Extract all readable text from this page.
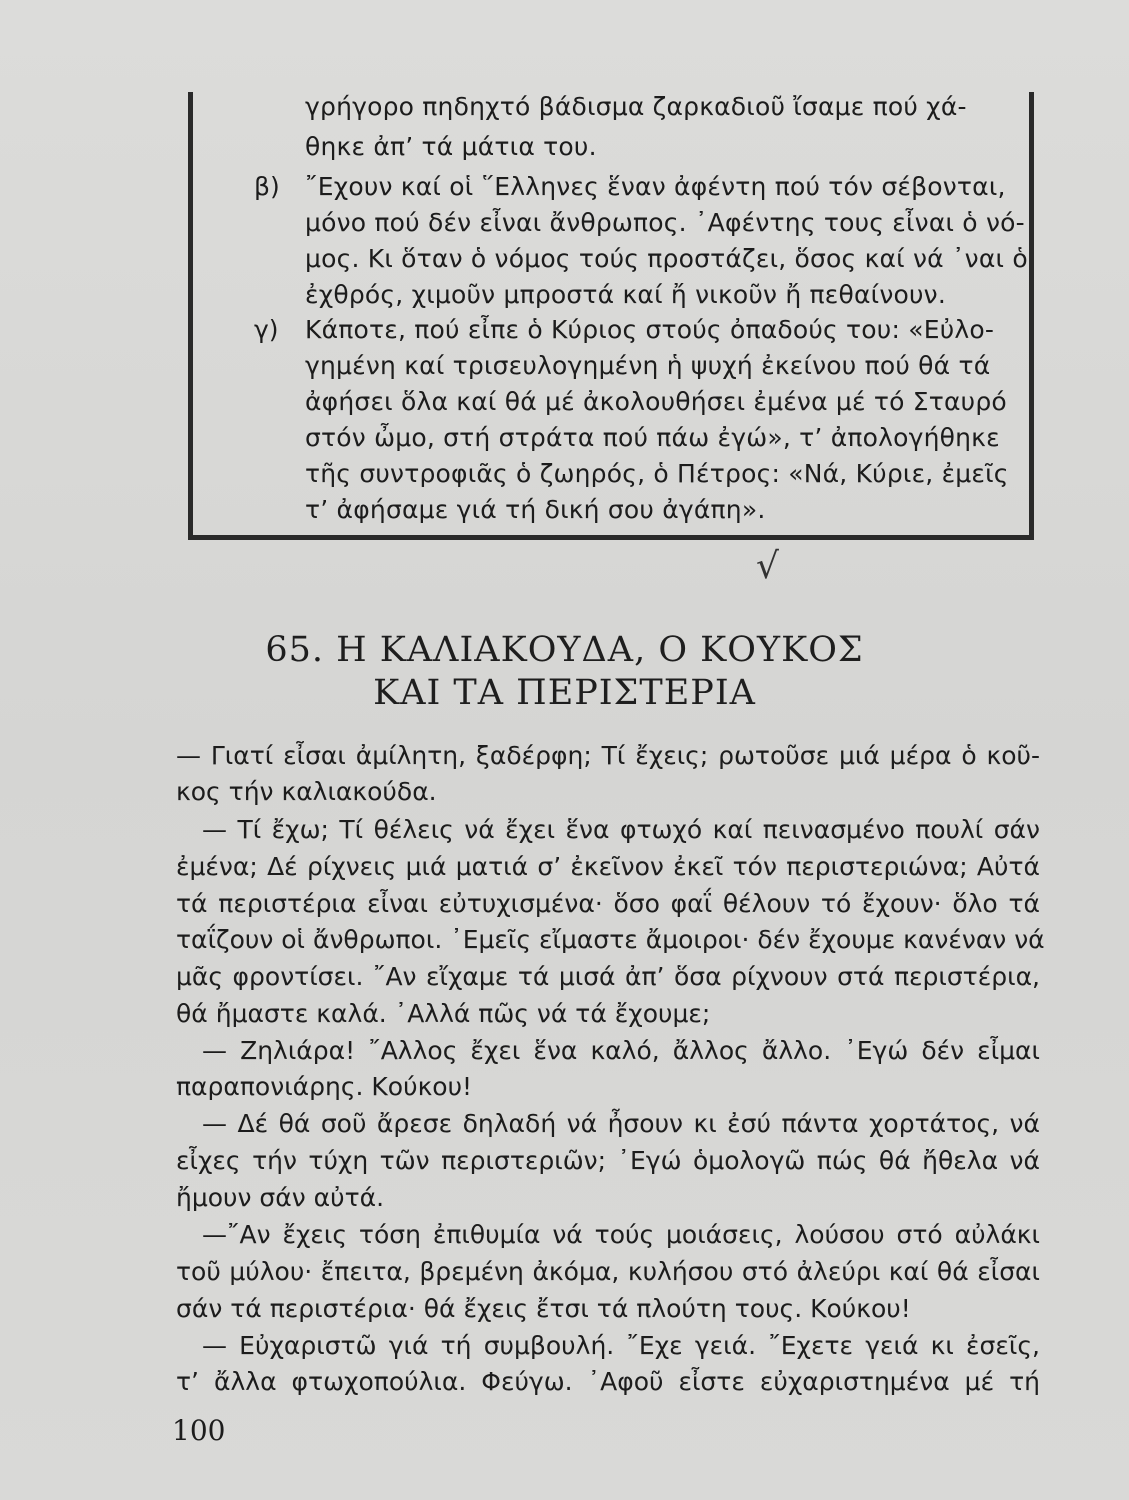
β)
γ)
γρήγορο πηδηχτό βάδισμα ζαρκαδιοῦ ἴσαμε πού χά-
θηκε ἀπ’ τά μάτια του.
῎Εχουν καί οἱ ῞Ελληνες ἕναν ἀφέντη πού τόν σέβονται,
μόνο πού δέν εἶναι ἄνθρωπος. ᾿Αφέντης τους εἶναι ὁ νό-
μος. Κι ὅταν ὁ νόμος τούς προστάζει, ὅσος καί νά ᾿ναι ὁ
ἐχθρός, χιμοῦν μπροστά καί ἤ νικοῦν ἤ πεθαίνουν.
Κάποτε, πού εἶπε ὁ Κύριος στούς ὀπαδούς του: «Εὐλο-
γημένη καί τρισευλογημένη ἡ ψυχή ἐκείνου πού θά τά
ἀφήσει ὅλα καί θά μέ ἀκολουθήσει ἐμένα μέ τό Σταυρό
στόν ὦμο, στή στράτα πού πάω ἐγώ», τ’ ἀπολογήθηκε
τῆς συντροφιᾶς ὁ ζωηρός, ὁ Πέτρος: «Νά, Κύριε, ἐμεῖς
τ’ ἀφήσαμε γιά τή δική σου ἀγάπη».
√
65. Η ΚΑΛΙΑΚΟΥΔΑ, Ο ΚΟΥΚΟΣ
ΚΑΙ ΤΑ ΠΕΡΙΣΤΕΡΙΑ
— Γιατί εἶσαι ἀμίλητη, ξαδέρφη; Τί ἔχεις; ρωτοῦσε μιά μέρα ὁ κοῦ-
κος τήν καλιακούδα.
— Τί ἔχω; Τί θέλεις νά ἔχει ἕνα φτωχό καί πεινασμένο πουλί σάν
ἐμένα; Δέ ρίχνεις μιά ματιά σ’ ἐκεῖνον ἐκεῖ τόν περιστεριώνα; Αὐτά
τά περιστέρια εἶναι εὐτυχισμένα· ὅσο φαΐ θέλουν τό ἔχουν· ὅλο τά
ταΐζουν οἱ ἄνθρωποι. ᾿Εμεῖς εἴμαστε ἄμοιροι· δέν ἔχουμε κανέναν νά
μᾶς φροντίσει. ῎Αν εἴχαμε τά μισά ἀπ’ ὅσα ρίχνουν στά περιστέρια,
θά ἤμαστε καλά. ᾿Αλλά πῶς νά τά ἔχουμε;
— Ζηλιάρα! ῎Αλλος ἔχει ἕνα καλό, ἄλλος ἄλλο. ᾿Εγώ δέν εἶμαι
παραπονιάρης. Κούκου!
— Δέ θά σοῦ ἄρεσε δηλαδή νά ἦσουν κι ἐσύ πάντα χορτάτος, νά
εἶχες τήν τύχη τῶν περιστεριῶν; ᾿Εγώ ὁμολογῶ πώς θά ἤθελα νά
ἤμουν σάν αὐτά.
—῎Αν ἔχεις τόση ἐπιθυμία νά τούς μοιάσεις, λούσου στό αὐλάκι
τοῦ μύλου· ἔπειτα, βρεμένη ἀκόμα, κυλήσου στό ἀλεύρι καί θά εἶσαι
σάν τά περιστέρια· θά ἔχεις ἔτσι τά πλούτη τους. Κούκου!
— Εὐχαριστῶ γιά τή συμβουλή. ῎Εχε γειά. ῎Εχετε γειά κι ἐσεῖς,
τ’ ἄλλα φτωχοπούλια. Φεύγω. ᾿Αφοῦ εἶστε εὐχαριστημένα μέ τή
100
